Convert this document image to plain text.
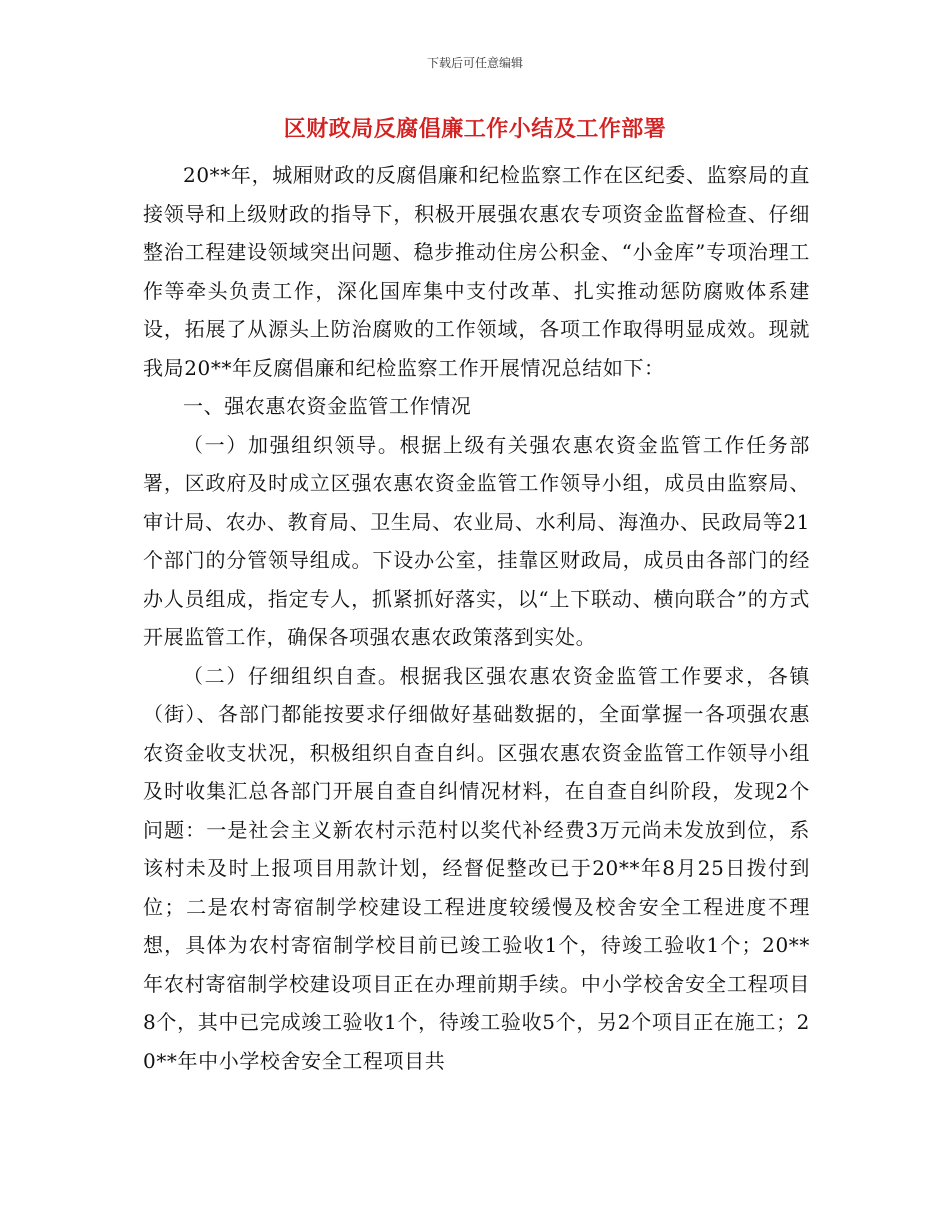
下载后可任意编辑
区财政局反腐倡廉工作小结及工作部署

20**年，城厢财政的反腐倡廉和纪检监察工作在区纪委、监察局的直接领导和上级财政的指导下，积极开展强农惠农专项资金监督检查、仔细整治工程建设领域突出问题、稳步推动住房公积金、“小金库”专项治理工作等牵头负责工作，深化国库集中支付改革、扎实推动惩防腐败体系建设，拓展了从源头上防治腐败的工作领域，各项工作取得明显成效。现就我局20**年反腐倡廉和纪检监察工作开展情况总结如下：

一、强农惠农资金监管工作情况

（一）加强组织领导。根据上级有关强农惠农资金监管工作任务部署，区政府及时成立区强农惠农资金监管工作领导小组，成员由监察局、审计局、农办、教育局、卫生局、农业局、水利局、海渔办、民政局等21个部门的分管领导组成。下设办公室，挂靠区财政局，成员由各部门的经办人员组成，指定专人，抓紧抓好落实，以“上下联动、横向联合”的方式开展监管工作，确保各项强农惠农政策落到实处。

（二）仔细组织自查。根据我区强农惠农资金监管工作要求，各镇（街）、各部门都能按要求仔细做好基础数据的，全面掌握一各项强农惠农资金收支状况，积极组织自查自纠。区强农惠农资金监管工作领导小组及时收集汇总各部门开展自查自纠情况材料，在自查自纠阶段，发现2个问题：一是社会主义新农村示范村以奖代补经费3万元尚未发放到位，系该村未及时上报项目用款计划，经督促整改已于20**年8月25日拨付到位；二是农村寄宿制学校建设工程进度较缓慢及校舍安全工程进度不理想，具体为农村寄宿制学校目前已竣工验收1个，待竣工验收1个；20**年农村寄宿制学校建设项目正在办理前期手续。中小学校舍安全工程项目8个，其中已完成竣工验收1个，待竣工验收5个，另2个项目正在施工；20**年中小学校舍安全工程项目共
